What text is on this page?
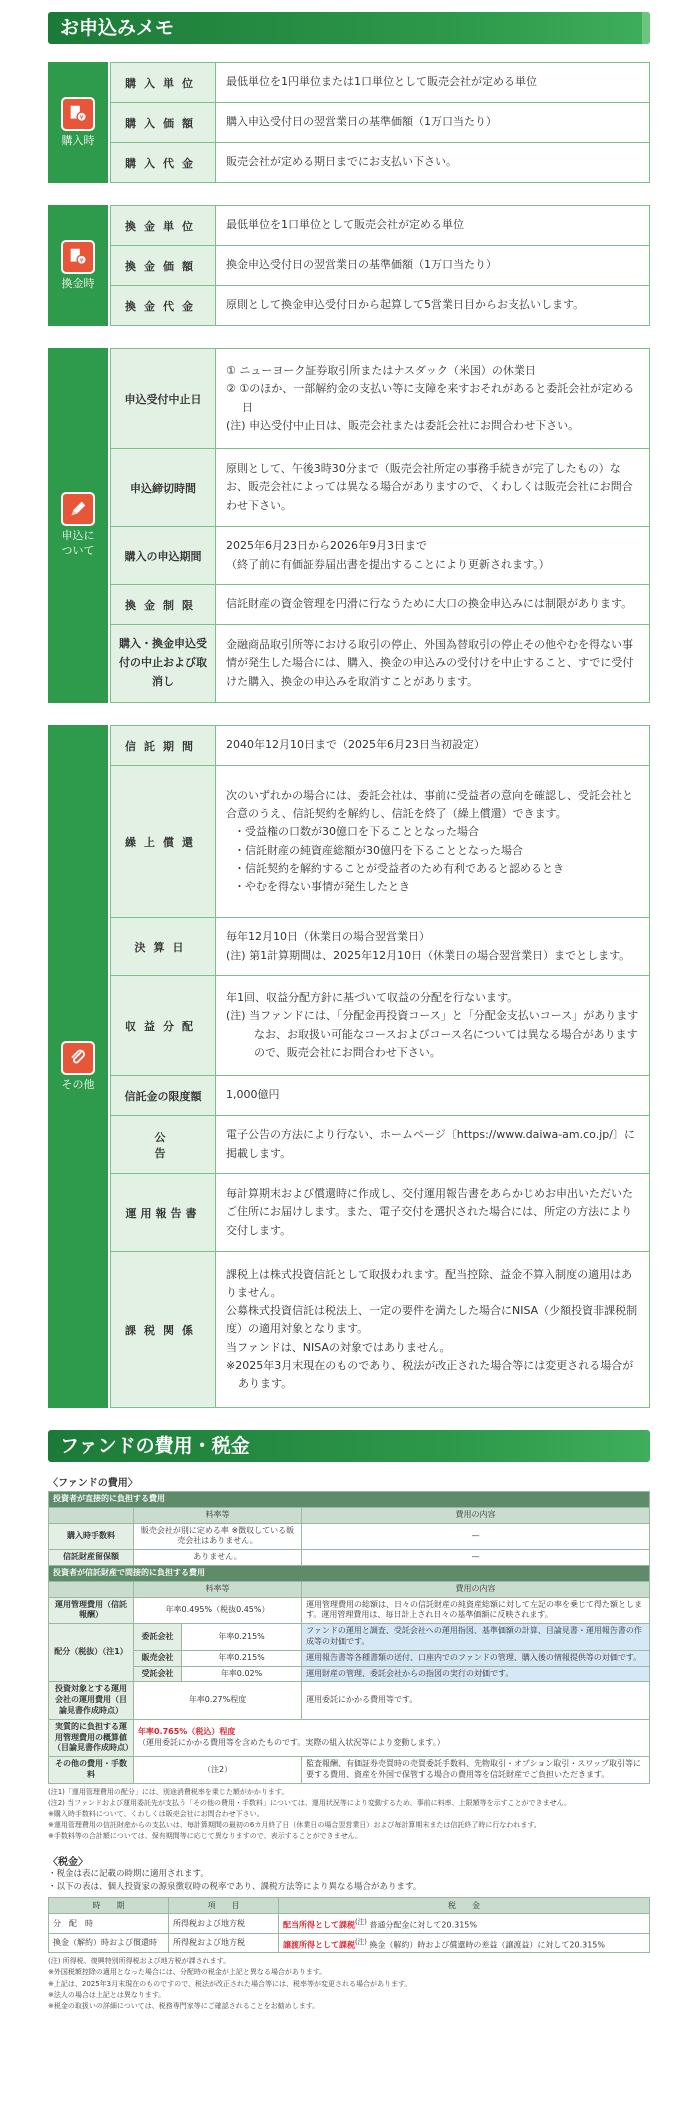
お申込みメモ
¥
購入時
購入単位	最低単位を1円単位または1口単位として販売会社が定める単位
購入価額	購入申込受付日の翌営業日の基準価額（1万口当たり）
購入代金	販売会社が定める期日までにお支払い下さい。
¥
換金時
換金単位	最低単位を1口単位として販売会社が定める単位
換金価額	換金申込受付日の翌営業日の基準価額（1万口当たり）
換金代金	原則として換金申込受付日から起算して5営業日目からお支払いします。
申込に
ついて
申込受付中止日	① ニューヨーク証券取引所またはナスダック（米国）の休業日
② ①のほか、一部解約金の支払い等に支障を来すおそれがあると委託会社が定める日
(注) 申込受付中止日は、販売会社または委託会社にお問合わせ下さい。

申込締切時間	原則として、午後3時30分まで（販売会社所定の事務手続きが完了したもの）なお、販売会社によっては異なる場合がありますので、くわしくは販売会社にお問合わせ下さい。

購入の申込期間	2025年6月23日から2026年9月3日まで
（終了前に有価証券届出書を提出することにより更新されます。）

換金制限	信託財産の資金管理を円滑に行なうために大口の換金申込みには制限があります。

購入・換金申込受付の中止および取消し	金融商品取引所等における取引の停止、外国為替取引の停止その他やむを得ない事情が発生した場合には、購入、換金の申込みの受付けを中止すること、すでに受付けた購入、換金の申込みを取消すことがあります。
その他
信託期間	2040年12月10日まで（2025年6月23日当初設定）

繰上償還	次のいずれかの場合には、委託会社は、事前に受益者の意向を確認し、受託会社と合意のうえ、信託契約を解約し、信託を終了（繰上償還）できます。
・受益権の口数が30億口を下ることとなった場合
・信託財産の純資産総額が30億円を下ることとなった場合
・信託契約を解約することが受益者のため有利であると認めるとき
・やむを得ない事情が発生したとき

決算日	毎年12月10日（休業日の場合翌営業日）
(注) 第1計算期間は、2025年12月10日（休業日の場合翌営業日）までとします。

収益分配	年1回、収益分配方針に基づいて収益の分配を行ないます。
(注) 当ファンドには、「分配金再投資コース」と「分配金支払いコース」がありますなお、お取扱い可能なコースおよびコース名については異なる場合がありますので、販売会社にお問合わせ下さい。

信託金の限度額	1,000億円

公告	電子公告の方法により行ない、ホームページ〔https://www.daiwa-am.co.jp/〕に掲載します。

運用報告書	毎計算期末および償還時に作成し、交付運用報告書をあらかじめお申出いただいたご住所にお届けします。また、電子交付を選択された場合には、所定の方法により交付します。

課税関係	課税上は株式投資信託として取扱われます。配当控除、益金不算入制度の適用はありません。
公募株式投資信託は税法上、一定の要件を満たした場合にNISA（少額投資非課税制度）の適用対象となります。
当ファンドは、NISAの対象ではありません。
※2025年3月末現在のものであり、税法が改正された場合等には変更される場合があります。
ファンドの費用・税金
〈ファンドの費用〉
投資者が直接的に負担する費用			
	料率等		費用の内容
購入時手数料	販売会社が別に定める率 ※徴収している販売会社はありません。		—
信託財産留保額	ありません。		—
投資者が信託財産で間接的に負担する費用			
	料率等		費用の内容
運用管理費用（信託報酬）	年率0.495%（税抜0.45%）		運用管理費用の総額は、日々の信託財産の純資産総額に対して左記の率を乗じて得た額とします。運用管理費用は、毎日計上され日々の基準価額に反映されます。
配分（税抜）（注1）	委託会社	年率0.215%	ファンドの運用と調査、受託会社への運用指図、基準価額の計算、目論見書・運用報告書の作成等の対価です。
	販売会社	年率0.215%	運用報告書等各種書類の送付、口座内でのファンドの管理、購入後の情報提供等の対価です。
	受託会社	年率0.02%	運用財産の管理、委託会社からの指図の実行の対価です。
投資対象とする運用会社の運用費用（目論見書作成時点）	年率0.27%程度		運用委託にかかる費用等です。
実質的に負担する運用管理費用の概算値（目論見書作成時点）	年率0.765%（税込）程度
（運用委託にかかる費用等を含めたものです。実際の組入状況等により変動します。）		

その他の費用・手数料	（注2）		監査報酬、有価証券売買時の売買委託手数料、先物取引・オプション取引・スワップ取引等に要する費用、資産を外国で保管する場合の費用等を信託財産でご負担いただきます。
(注1)「運用管理費用の配分」には、別途消費税率を乗じた額がかかります。
(注2) 当ファンドおよび運用委託先が支払う「その他の費用・手数料」については、運用状況等により変動するため、事前に料率、上限額等を示すことができません。
※購入時手数料について、くわしくは販売会社にお問合わせ下さい。
※運用管理費用の信託財産からの支払いは、毎計算期間の最初の6カ月終了日（休業日の場合翌営業日）および毎計算期末または信託終了時に行なわれます。
※手数料等の合計額については、保有期間等に応じて異なりますので、表示することができません。
〈税金〉
・税金は表に記載の時期に適用されます。
・以下の表は、個人投資家の源泉徴収時の税率であり、課税方法等により異なる場合があります。
時　　期	項　　目	税　　金
分　配　時	所得税および地方税	配当所得として課税$^{(注)}$ 普通分配金に対して20.315%
換金（解約）時および償還時	所得税および地方税	譲渡所得として課税$^{(注)}$ 換金（解約）時および償還時の差益（譲渡益）に対して20.315%
(注) 所得税、復興特別所得税および地方税が課されます。
※外国税額控除の適用となった場合には、分配時の税金が上記と異なる場合があります。
※上記は、2025年3月末現在のものですので、税法が改正された場合等には、税率等が変更される場合があります。
※法人の場合は上記とは異なります。
※税金の取扱いの詳細については、税務専門家等にご確認されることをお勧めします。
